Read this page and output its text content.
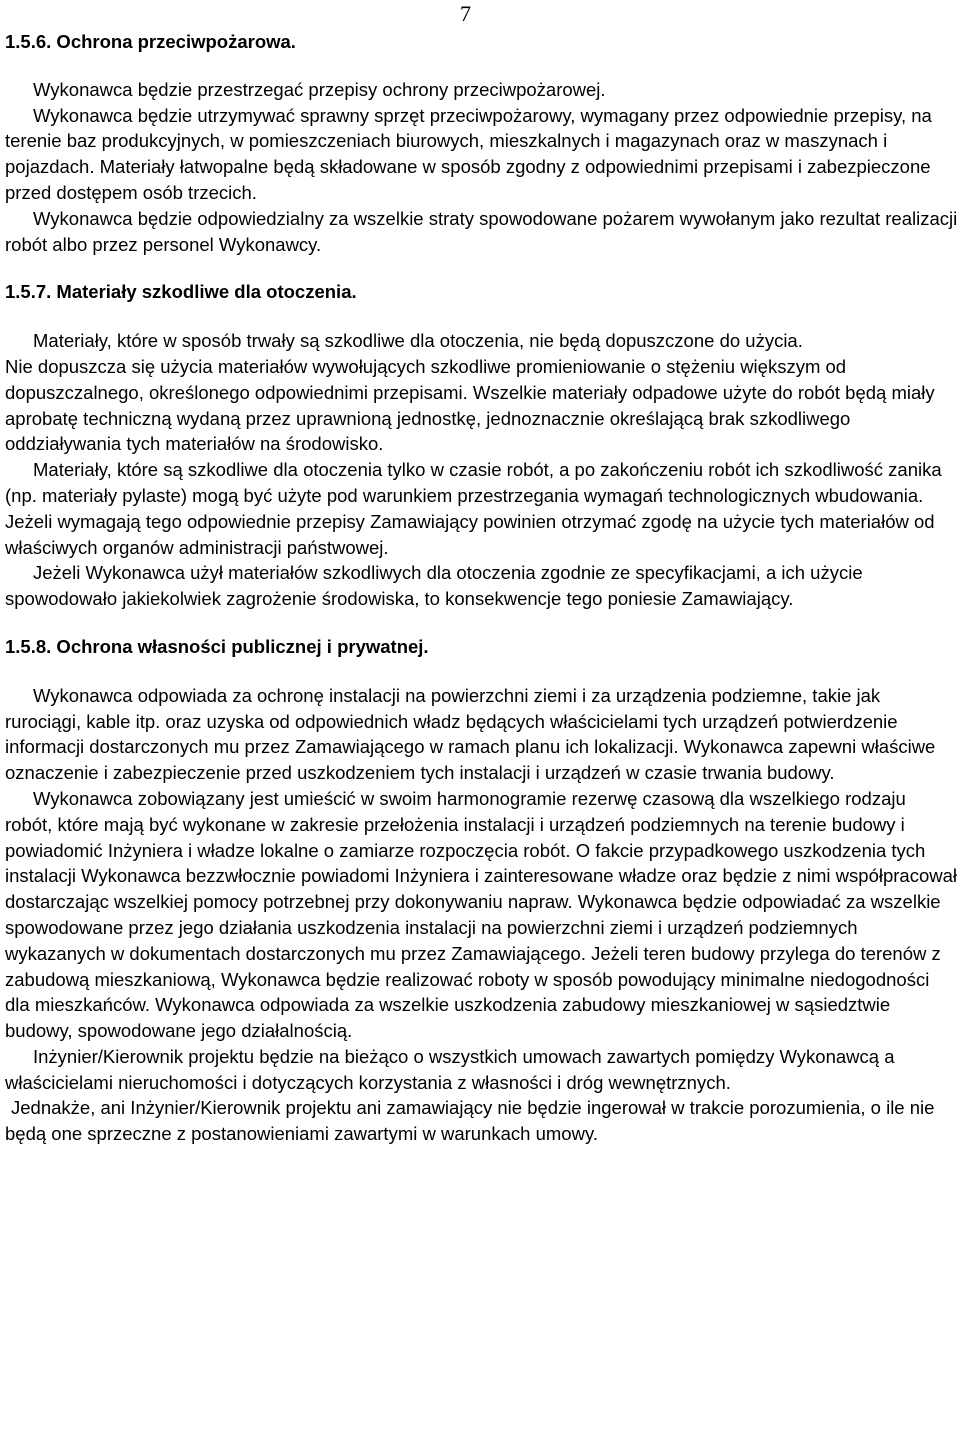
7

1.5.6. Ochrona przeciwpożarowa.

Wykonawca będzie przestrzegać przepisy ochrony przeciwpożarowej.

Wykonawca będzie utrzymywać sprawny sprzęt przeciwpożarowy, wymagany przez odpowiednie przepisy, na terenie baz produkcyjnych, w pomieszczeniach biurowych, mieszkalnych i magazynach oraz w maszynach i pojazdach. Materiały łatwopalne będą składowane w sposób zgodny z odpowiednimi przepisami i zabezpieczone przed dostępem osób trzecich.

Wykonawca będzie odpowiedzialny za wszelkie straty spowodowane pożarem wywołanym jako rezultat realizacji robót albo przez personel Wykonawcy.

1.5.7. Materiały szkodliwe dla otoczenia.

Materiały, które w sposób trwały są szkodliwe dla otoczenia, nie będą dopuszczone do użycia.

Nie dopuszcza się użycia materiałów wywołujących szkodliwe promieniowanie o stężeniu większym od dopuszczalnego, określonego odpowiednimi przepisami. Wszelkie materiały odpadowe użyte do robót będą miały aprobatę techniczną wydaną przez uprawnioną jednostkę, jednoznacznie określającą brak szkodliwego oddziaływania tych materiałów na środowisko.

Materiały, które są szkodliwe dla otoczenia tylko w czasie robót, a po zakończeniu robót ich szkodliwość zanika (np. materiały pylaste) mogą być użyte pod warunkiem przestrzegania wymagań technologicznych wbudowania. Jeżeli wymagają tego odpowiednie przepisy Zamawiający powinien otrzymać zgodę na użycie tych materiałów od właściwych organów administracji państwowej.

Jeżeli Wykonawca użył materiałów szkodliwych dla otoczenia zgodnie ze specyfikacjami, a ich użycie spowodowało jakiekolwiek zagrożenie środowiska, to konsekwencje tego poniesie Zamawiający.

1.5.8. Ochrona własności publicznej i prywatnej.

Wykonawca odpowiada za ochronę instalacji na powierzchni ziemi i za urządzenia podziemne, takie jak rurociągi, kable itp. oraz uzyska od odpowiednich władz będących właścicielami tych urządzeń potwierdzenie informacji dostarczonych mu przez Zamawiającego w ramach planu ich lokalizacji. Wykonawca zapewni właściwe oznaczenie i zabezpieczenie przed uszkodzeniem tych instalacji i urządzeń w czasie trwania budowy.

Wykonawca zobowiązany jest umieścić w swoim harmonogramie rezerwę czasową dla wszelkiego rodzaju robót, które mają być wykonane w zakresie przełożenia instalacji i urządzeń podziemnych na terenie budowy i powiadomić Inżyniera i władze lokalne o zamiarze rozpoczęcia robót. O fakcie przypadkowego uszkodzenia tych instalacji Wykonawca bezzwłocznie powiadomi Inżyniera i zainteresowane władze oraz będzie z nimi współpracował dostarczając wszelkiej pomocy potrzebnej przy dokonywaniu napraw. Wykonawca będzie odpowiadać za wszelkie spowodowane przez jego działania uszkodzenia instalacji na powierzchni ziemi i urządzeń podziemnych wykazanych w dokumentach dostarczonych mu przez Zamawiającego. Jeżeli teren budowy przylega do terenów z zabudową mieszkaniową, Wykonawca będzie realizować roboty w sposób powodujący minimalne niedogodności dla mieszkańców. Wykonawca odpowiada za wszelkie uszkodzenia zabudowy mieszkaniowej w sąsiedztwie budowy, spowodowane jego działalnością.

Inżynier/Kierownik projektu będzie na bieżąco o wszystkich umowach zawartych pomiędzy Wykonawcą a właścicielami nieruchomości i dotyczących korzystania z własności i dróg wewnętrznych.

Jednakże, ani Inżynier/Kierownik projektu ani zamawiający nie będzie ingerował w trakcie porozumienia, o ile nie będą one sprzeczne z postanowieniami zawartymi w warunkach umowy.
